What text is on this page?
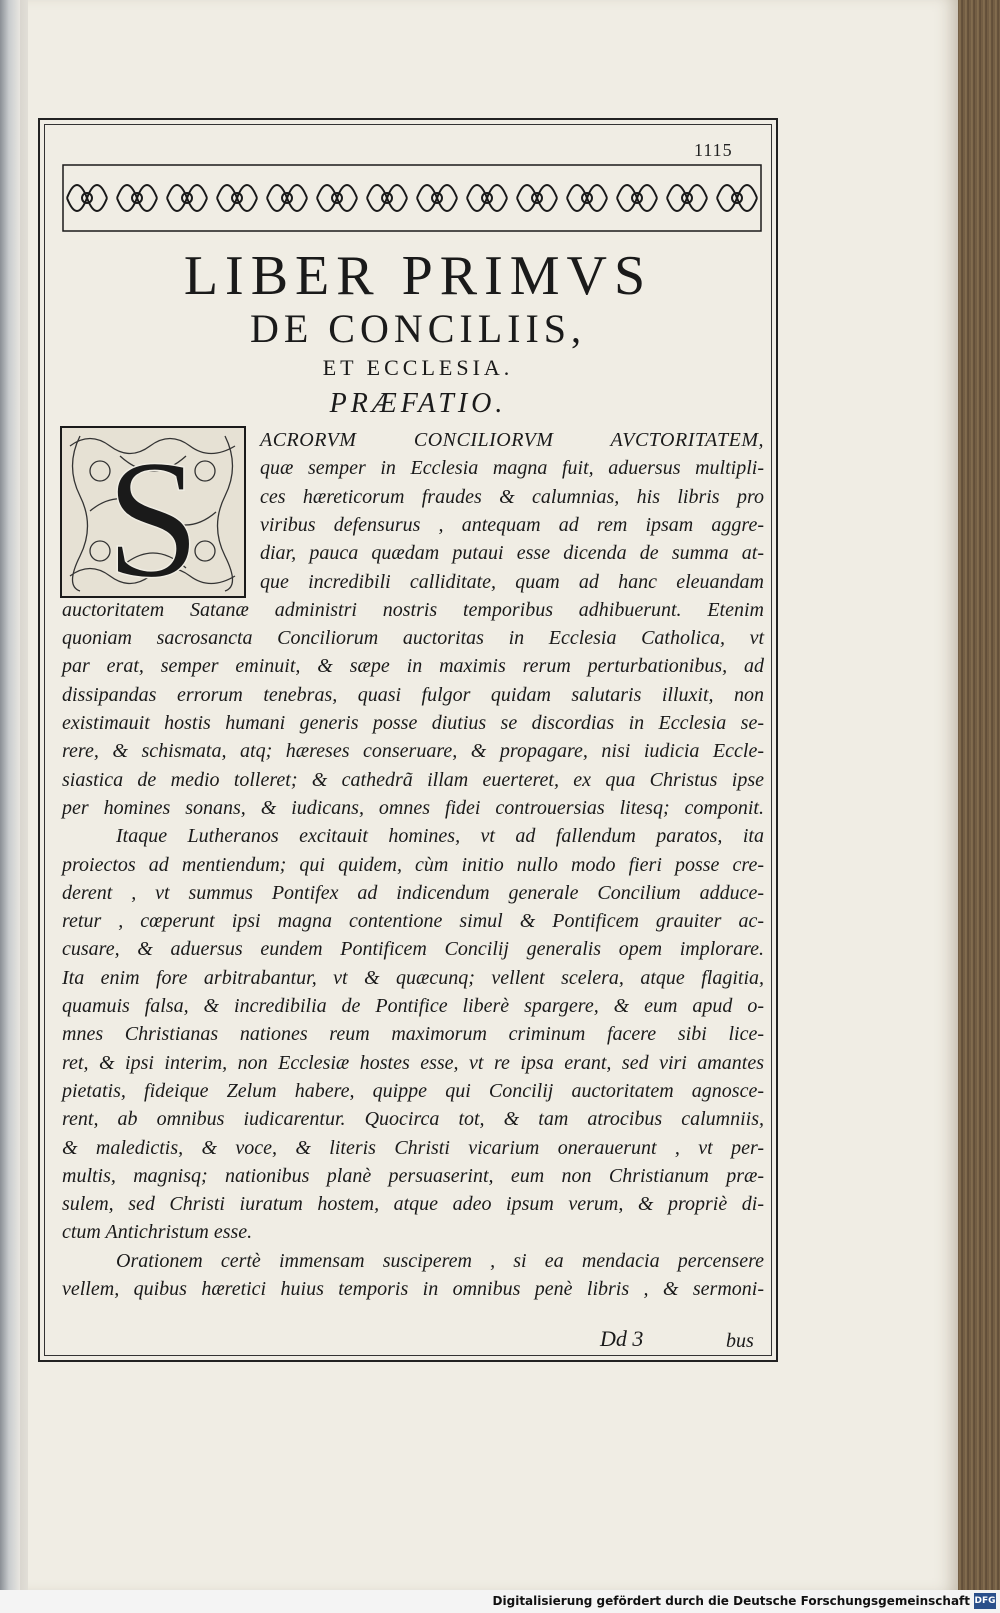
1115
LIBER PRIMVS
DE CONCILIIS,
ET ECCLESIA.
PRÆFATIO.
S	ACRORVM CONCILIORVM AVCTORITATEM,
quæ semper in Ecclesia magna fuit, aduersus multipli-
ces hæreticorum fraudes & calumnias, his libris pro
viribus defensurus , antequam ad rem ipsam aggre-
diar, pauca quædam putaui esse dicenda de summa at-
que incredibili calliditate, quam ad hanc eleuandam
auctoritatem Satanæ administri nostris temporibus adhibuerunt. Etenim
quoniam sacrosancta Conciliorum auctoritas in Ecclesia Catholica, vt
par erat, semper eminuit, & sæpe in maximis rerum perturbationibus, ad
dissipandas errorum tenebras, quasi fulgor quidam salutaris illuxit, non
existimauit hostis humani generis posse diutius se discordias in Ecclesia se-
rere, & schismata, atq; hæreses conseruare, & propagare, nisi iudicia Eccle-
siastica de medio tolleret; & cathedrã illam euerteret, ex qua Christus ipse
per homines sonans, & iudicans, omnes fidei controuersias litesq; componit.
Itaque Lutheranos excitauit homines, vt ad fallendum paratos, ita
proiectos ad mentiendum; qui quidem, cùm initio nullo modo fieri posse cre-
derent , vt summus Pontifex ad indicendum generale Concilium adduce-
retur , cœperunt ipsi magna contentione simul & Pontificem grauiter ac-
cusare, & aduersus eundem Pontificem Concilij generalis opem implorare.
Ita enim fore arbitrabantur, vt & quæcunq; vellent scelera, atque flagitia,
quamuis falsa, & incredibilia de Pontifice liberè spargere, & eum apud o-
mnes Christianas nationes reum maximorum criminum facere sibi lice-
ret, & ipsi interim, non Ecclesiæ hostes esse, vt re ipsa erant, sed viri amantes
pietatis, fideique Zelum habere, quippe qui Concilij auctoritatem agnosce-
rent, ab omnibus iudicarentur. Quocirca tot, & tam atrocibus calumniis,
& maledictis, & voce, & literis Christi vicarium onerauerunt , vt per-
multis, magnisq; nationibus planè persuaserint, eum non Christianum præ-
sulem, sed Christi iuratum hostem, atque adeo ipsum verum, & propriè di-
ctum Antichristum esse.
Orationem certè immensam susciperem , si ea mendacia percensere
vellem, quibus hæretici huius temporis in omnibus penè libris , & sermoni-
Dd 3	bus
Digitalisierung gefördert durch die Deutsche Forschungsgemeinschaft DFG
